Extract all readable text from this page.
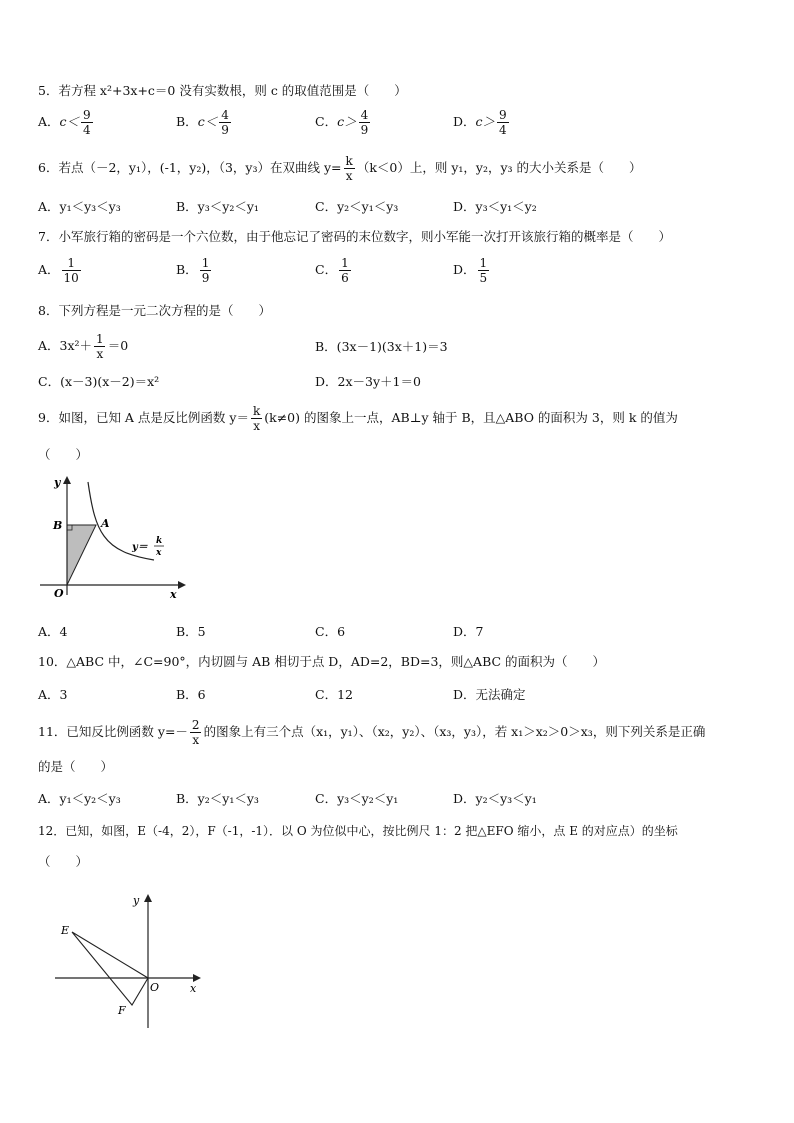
5．若方程 x²+3x+c＝0 没有实数根，则 c 的取值范围是（　　）
A．$c< \frac{9}{4}$	B．$c< \frac{4}{9}$	C．$c> \frac{4}{9}$	D．$c> \frac{9}{4}$
6．若点（－2，y₁），(-1，y₂)，（3，y₃）在双曲线 $y= \frac{k}{x} (k<0)$上，则 y₁，y₂，y₃ 的大小关系是（　　）
A．y₁＜y₃＜y₃	B．y₃＜y₂＜y₁	C．y₂＜y₁＜y₃	D．y₃＜y₁＜y₂
7．小军旅行箱的密码是一个六位数，由于他忘记了密码的末位数字，则小军能一次打开该旅行箱的概率是（　　）
A． $\frac{1}{10}$	B． $\frac{1}{9}$	C． $\frac{1}{6}$	D． $\frac{1}{5}$
8．下列方程是一元二次方程的是（　　）
A．$3x^2+ \frac{1}{x} =0$	B．(3x－1)(3x＋1)＝3
C．(x－3)(x－2)＝x²	D．2x－3y＋1＝0
9．如图，已知 A 点是反比例函数 $y= \frac{k}{x} (k\ne 0)$ 的图象上一点，AB⊥y 轴于 B，且△ABO 的面积为 3，则 k 的值为
（　　）
y
x
O
B	A
y＝
k
x
A．4	B．5	C．6	D．7
10．△ABC 中，∠C=90°，内切圆与 AB 相切于点 D，AD=2，BD=3，则△ABC 的面积为（　　）
A．3	B．6	C．12	D．无法确定
11．已知反比例函数 $y=- \frac{2}{x}$ 的图象上有三个点（x₁，y₁）、（x₂，y₂）、（x₃，y₃），若 x₁＞x₂＞0＞x₃，则下列关系是正确
的是（　　）
A．y₁＜y₂＜y₃	B．y₂＜y₁＜y₃	C．y₃＜y₂＜y₁	D．y₂＜y₃＜y₁
12．已知，如图，E（-4，2），F（-1，-1）．以 O 为位似中心，按比例尺 1：2 把△EFO 缩小，点 E 的对应点）的坐标
（　　）
y
x
O
E
F
